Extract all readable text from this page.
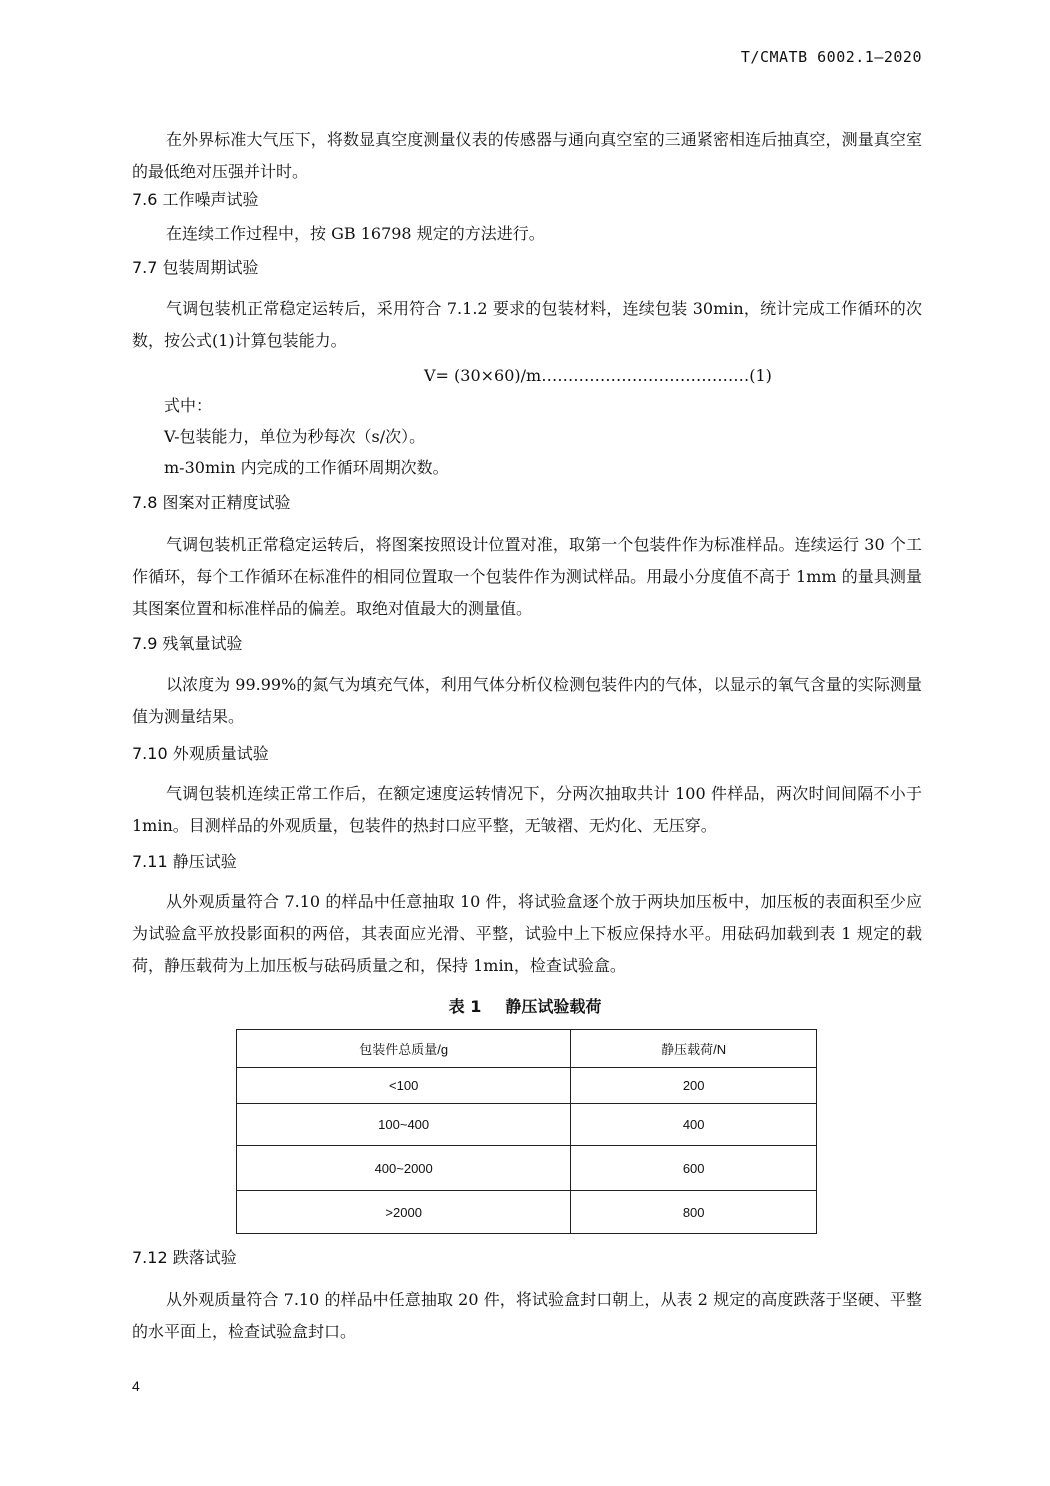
T/CMATB 6002.1—2020

在外界标准大气压下，将数显真空度测量仪表的传感器与通向真空室的三通紧密相连后抽真空，测量真空室的最低绝对压强并计时。

7.6 工作噪声试验

在连续工作过程中，按 GB 16798 规定的方法进行。

7.7 包装周期试验

气调包装机正常稳定运转后，采用符合 7.1.2 要求的包装材料，连续包装 30min，统计完成工作循环的次数，按公式(1)计算包装能力。

V= (30×60)/m…………………………………(1)
式中：
V-包装能力，单位为秒每次（s/次）。
m-30min 内完成的工作循环周期次数。
7.8 图案对正精度试验

气调包装机正常稳定运转后，将图案按照设计位置对准，取第一个包装件作为标准样品。连续运行 30 个工作循环，每个工作循环在标准件的相同位置取一个包装件作为测试样品。用最小分度值不高于 1mm 的量具测量其图案位置和标准样品的偏差。取绝对值最大的测量值。

7.9 残氧量试验

以浓度为 99.99%的氮气为填充气体，利用气体分析仪检测包装件内的气体，以显示的氧气含量的实际测量值为测量结果。

7.10 外观质量试验

气调包装机连续正常工作后，在额定速度运转情况下，分两次抽取共计 100 件样品，两次时间间隔不小于 1min。目测样品的外观质量，包装件的热封口应平整，无皱褶、无灼化、无压穿。

7.11 静压试验

从外观质量符合 7.10 的样品中任意抽取 10 件，将试验盒逐个放于两块加压板中，加压板的表面积至少应为试验盒平放投影面积的两倍，其表面应光滑、平整，试验中上下板应保持水平。用砝码加载到表 1 规定的载荷，静压载荷为上加压板与砝码质量之和，保持 1min，检查试验盒。

表 1 静压试验载荷
包装件总质量/g	静压载荷/N
<100	200
100~400	400
400~2000	600
>2000	800
7.12 跌落试验

从外观质量符合 7.10 的样品中任意抽取 20 件，将试验盒封口朝上，从表 2 规定的高度跌落于坚硬、平整的水平面上，检查试验盒封口。

4
